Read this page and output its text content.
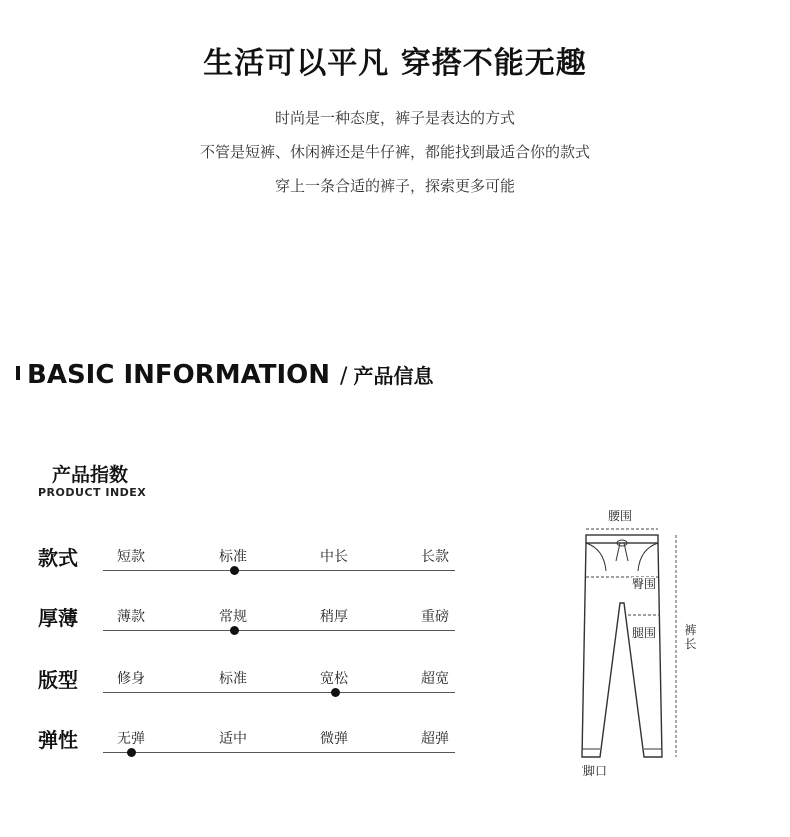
生活可以平凡 穿搭不能无趣
时尚是一种态度，裤子是表达的方式
不管是短裤、休闲裤还是牛仔裤，都能找到最适合你的款式
穿上一条合适的裤子，探索更多可能
BASIC INFORMATION / 产品信息
产品指数
PRODUCT INDEX
款式	短款	标准	中长	长款
厚薄	薄款	常规	稍厚	重磅
版型	修身	标准	宽松	超宽
弹性	无弹	适中	微弹	超弹
腰围
臀围
腿围 裤长
脚口
